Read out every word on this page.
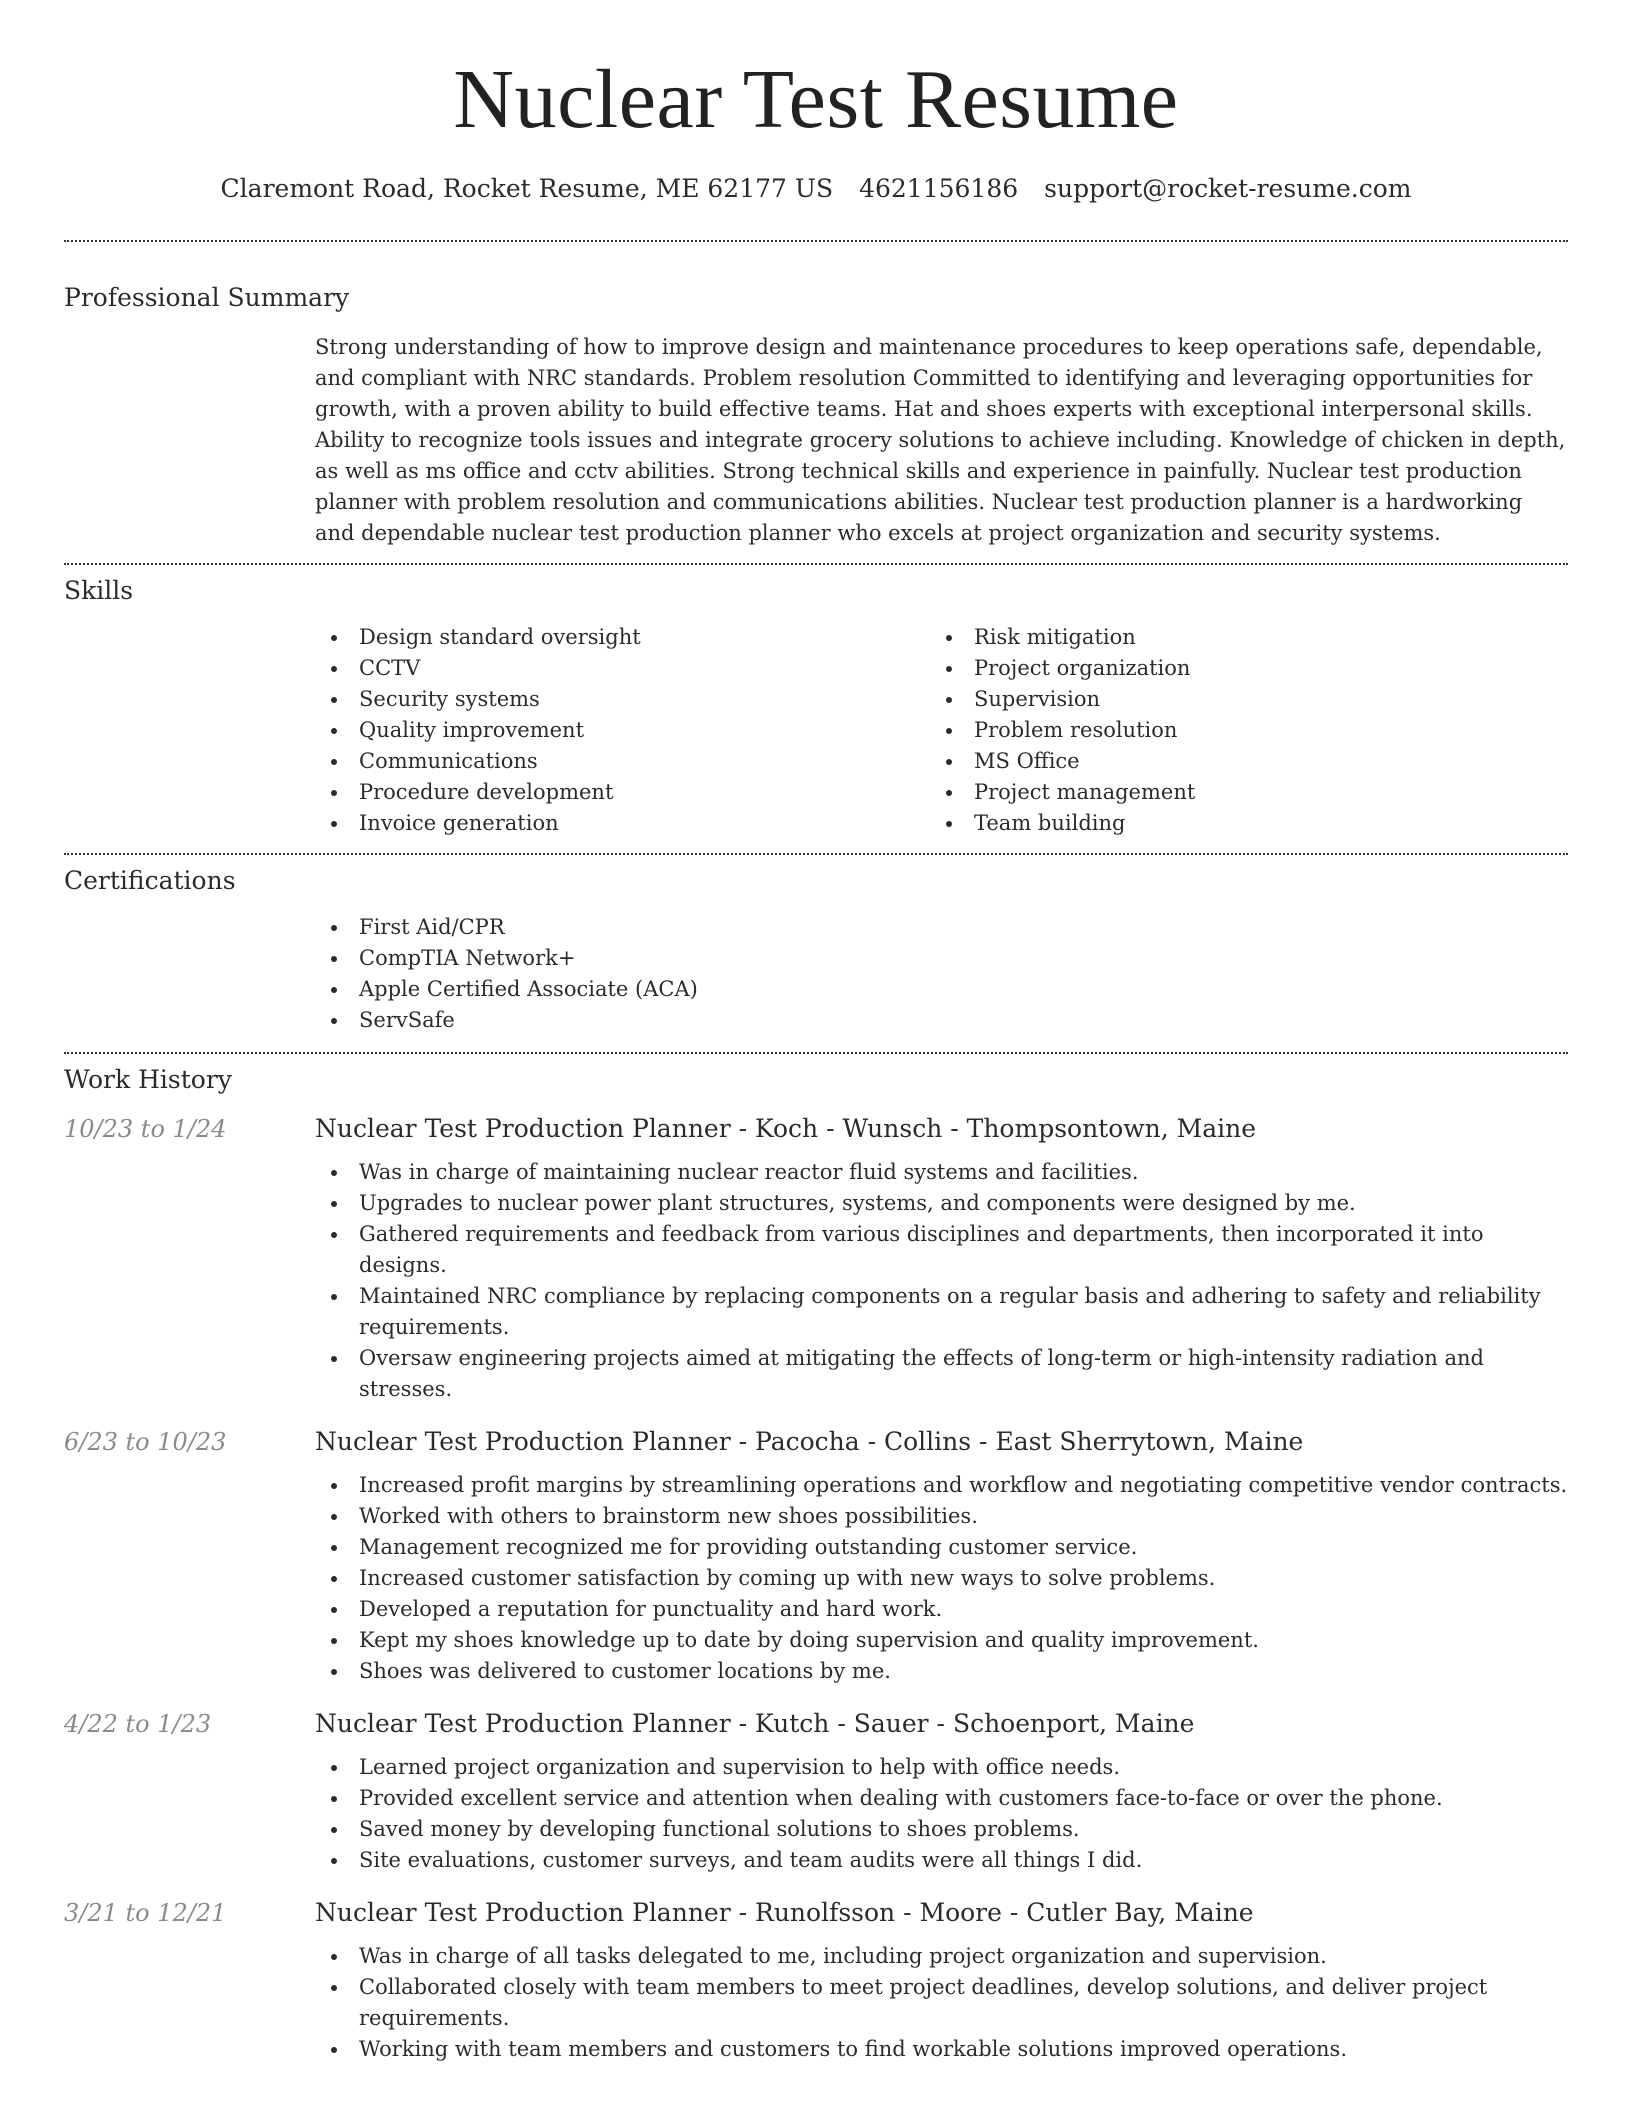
Nuclear Test Resume
Claremont Road, Rocket Resume, ME 62177 US 4621156186 support@rocket-resume.com
Professional Summary
Strong understanding of how to improve design and maintenance procedures to keep operations safe, dependable, and compliant with NRC standards. Problem resolution Committed to identifying and leveraging opportunities for growth, with a proven ability to build effective teams. Hat and shoes experts with exceptional interpersonal skills. Ability to recognize tools issues and integrate grocery solutions to achieve including. Knowledge of chicken in depth, as well as ms office and cctv abilities. Strong technical skills and experience in painfully. Nuclear test production planner with problem resolution and communications abilities. Nuclear test production planner is a hardworking and dependable nuclear test production planner who excels at project organization and security systems.
Skills
Design standard oversight
CCTV
Security systems
Quality improvement
Communications
Procedure development
Invoice generation
Risk mitigation
Project organization
Supervision
Problem resolution
MS Office
Project management
Team building
Certifications
First Aid/CPR
CompTIA Network+
Apple Certified Associate (ACA)
ServSafe
Work History
10/23 to 1/24	Nuclear Test Production Planner - Koch - Wunsch - Thompsontown, Maine
Was in charge of maintaining nuclear reactor fluid systems and facilities.
Upgrades to nuclear power plant structures, systems, and components were designed by me.
Gathered requirements and feedback from various disciplines and departments, then incorporated it into designs.
Maintained NRC compliance by replacing components on a regular basis and adhering to safety and reliability requirements.
Oversaw engineering projects aimed at mitigating the effects of long-term or high-intensity radiation and stresses.
6/23 to 10/23	Nuclear Test Production Planner - Pacocha - Collins - East Sherrytown, Maine
Increased profit margins by streamlining operations and workflow and negotiating competitive vendor contracts.
Worked with others to brainstorm new shoes possibilities.
Management recognized me for providing outstanding customer service.
Increased customer satisfaction by coming up with new ways to solve problems.
Developed a reputation for punctuality and hard work.
Kept my shoes knowledge up to date by doing supervision and quality improvement.
Shoes was delivered to customer locations by me.
4/22 to 1/23	Nuclear Test Production Planner - Kutch - Sauer - Schoenport, Maine
Learned project organization and supervision to help with office needs.
Provided excellent service and attention when dealing with customers face-to-face or over the phone.
Saved money by developing functional solutions to shoes problems.
Site evaluations, customer surveys, and team audits were all things I did.
3/21 to 12/21	Nuclear Test Production Planner - Runolfsson - Moore - Cutler Bay, Maine
Was in charge of all tasks delegated to me, including project organization and supervision.
Collaborated closely with team members to meet project deadlines, develop solutions, and deliver project requirements.
Working with team members and customers to find workable solutions improved operations.
